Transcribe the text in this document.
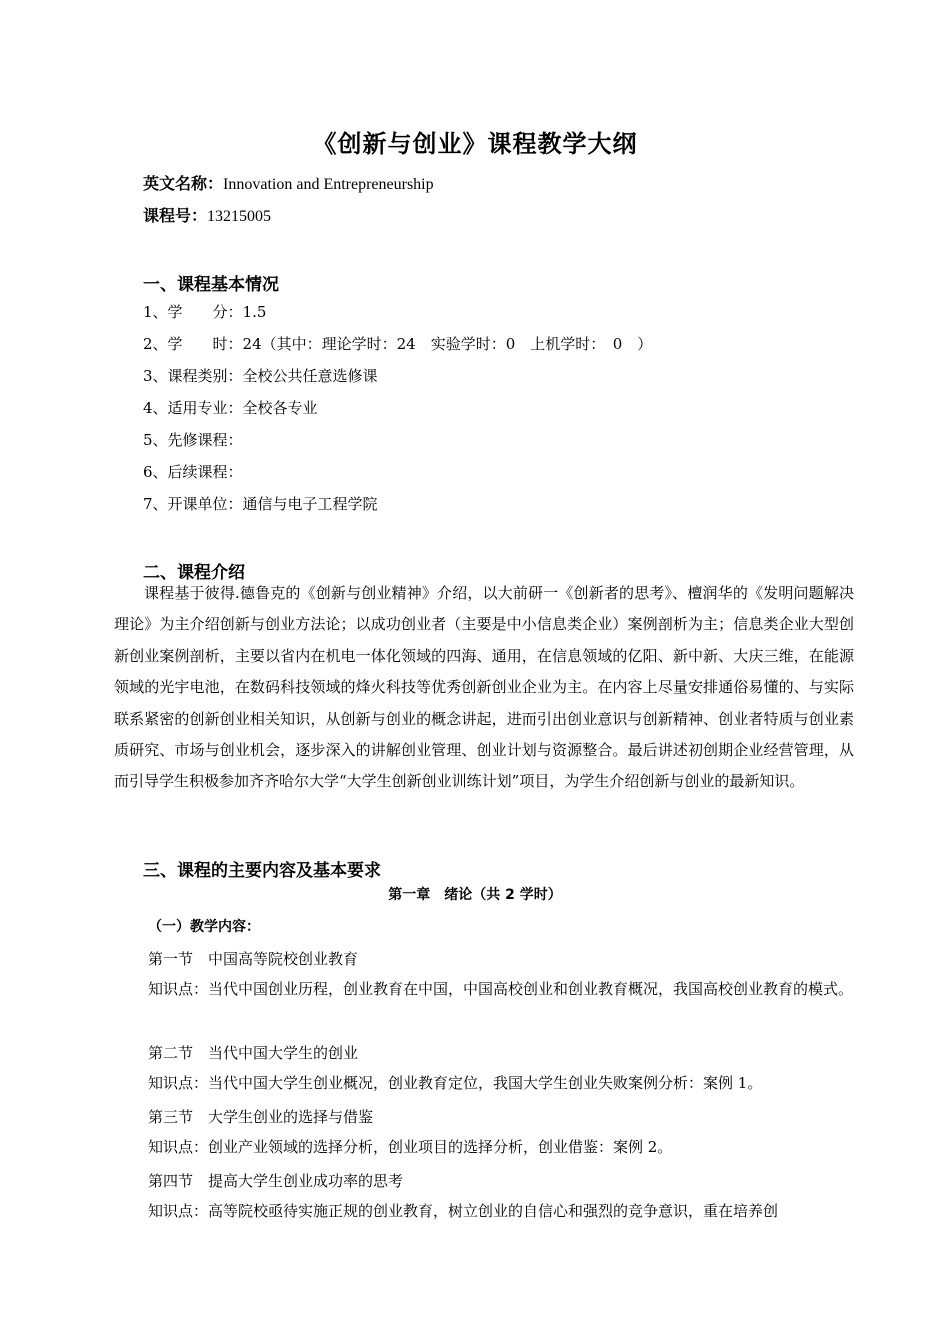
《创新与创业》课程教学大纲
英文名称：Innovation and Entrepreneurship
课程号：13215005
一、课程基本情况
1、学　　分：1.5
2、学　　时：24（其中：理论学时：24　实验学时：0　上机学时：　0　）
3、课程类别：全校公共任意选修课
4、适用专业：全校各专业
5、先修课程：
6、后续课程：
7、开课单位：通信与电子工程学院
二、课程介绍
课程基于彼得.德鲁克的《创新与创业精神》介绍，以大前研一《创新者的思考》、檀润华的《发明问题解决理论》为主介绍创新与创业方法论；以成功创业者（主要是中小信息类企业）案例剖析为主；信息类企业大型创新创业案例剖析，主要以省内在机电一体化领域的四海、通用，在信息领域的亿阳、新中新、大庆三维，在能源领域的光宇电池，在数码科技领域的烽火科技等优秀创新创业企业为主。在内容上尽量安排通俗易懂的、与实际联系紧密的创新创业相关知识，从创新与创业的概念讲起，进而引出创业意识与创新精神、创业者特质与创业素质研究、市场与创业机会，逐步深入的讲解创业管理、创业计划与资源整合。最后讲述初创期企业经营管理，从而引导学生积极参加齐齐哈尔大学“大学生创新创业训练计划”项目，为学生介绍创新与创业的最新知识。
三、课程的主要内容及基本要求
第一章　绪论（共 2 学时）
（一）教学内容：
第一节　中国高等院校创业教育
知识点：当代中国创业历程，创业教育在中国，中国高校创业和创业教育概况，我国高校创业教育的模式。
第二节　当代中国大学生的创业
知识点：当代中国大学生创业概况，创业教育定位，我国大学生创业失败案例分析：案例 1。
第三节　大学生创业的选择与借鉴
知识点：创业产业领域的选择分析，创业项目的选择分析，创业借鉴：案例 2。
第四节　提高大学生创业成功率的思考
知识点：高等院校亟待实施正规的创业教育，树立创业的自信心和强烈的竞争意识，重在培养创
